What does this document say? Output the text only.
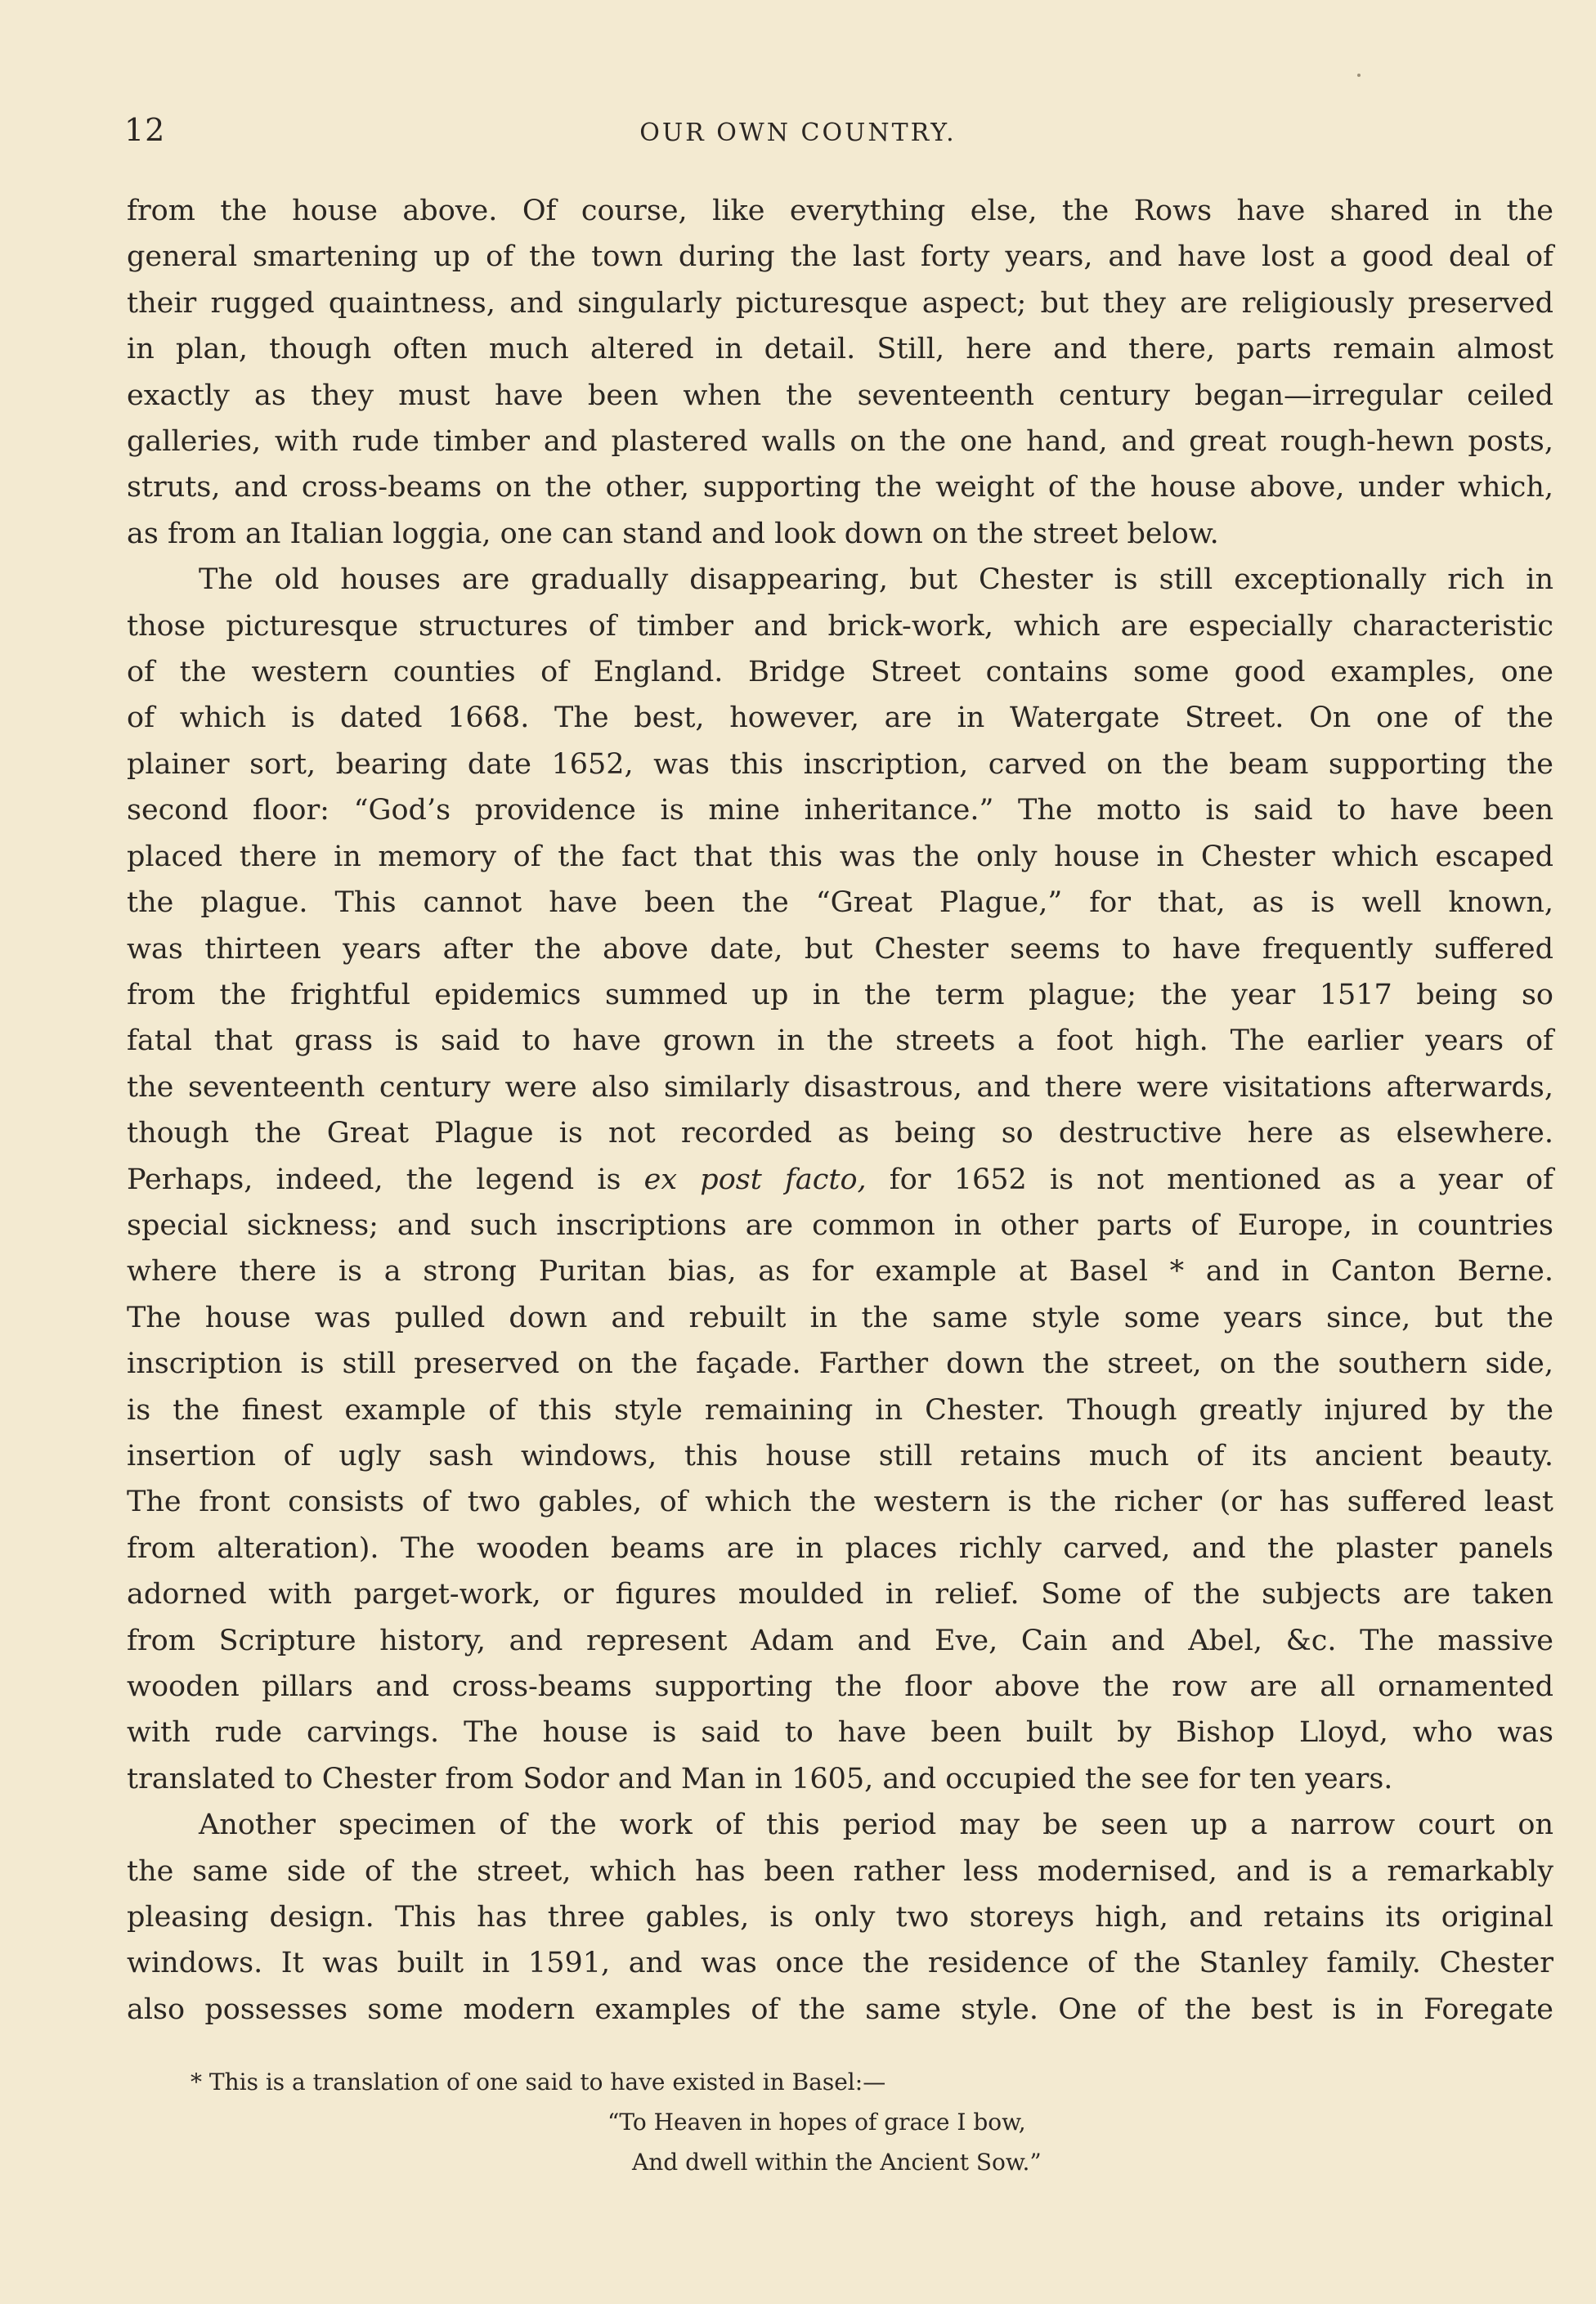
12	OUR OWN COUNTRY.
from the house above. Of course, like everything else, the Rows have shared in the
general smartening up of the town during the last forty years, and have lost a good deal of
their rugged quaintness, and singularly picturesque aspect; but they are religiously preserved
in plan, though often much altered in detail. Still, here and there, parts remain almost
exactly as they must have been when the seventeenth century began—irregular ceiled
galleries, with rude timber and plastered walls on the one hand, and great rough-hewn posts,
struts, and cross-beams on the other, supporting the weight of the house above, under which,
as from an Italian loggia, one can stand and look down on the street below.
The old houses are gradually disappearing, but Chester is still exceptionally rich in
those picturesque structures of timber and brick-work, which are especially characteristic
of the western counties of England. Bridge Street contains some good examples, one
of which is dated 1668. The best, however, are in Watergate Street. On one of the
plainer sort, bearing date 1652, was this inscription, carved on the beam supporting the
second floor: “God’s providence is mine inheritance.” The motto is said to have been
placed there in memory of the fact that this was the only house in Chester which escaped
the plague. This cannot have been the “Great Plague,” for that, as is well known,
was thirteen years after the above date, but Chester seems to have frequently suffered
from the frightful epidemics summed up in the term plague; the year 1517 being so
fatal that grass is said to have grown in the streets a foot high. The earlier years of
the seventeenth century were also similarly disastrous, and there were visitations afterwards,
though the Great Plague is not recorded as being so destructive here as elsewhere.
Perhaps, indeed, the legend is ex post facto, for 1652 is not mentioned as a year of
special sickness; and such inscriptions are common in other parts of Europe, in countries
where there is a strong Puritan bias, as for example at Basel * and in Canton Berne.
The house was pulled down and rebuilt in the same style some years since, but the
inscription is still preserved on the façade. Farther down the street, on the southern side,
is the finest example of this style remaining in Chester. Though greatly injured by the
insertion of ugly sash windows, this house still retains much of its ancient beauty.
The front consists of two gables, of which the western is the richer (or has suffered least
from alteration). The wooden beams are in places richly carved, and the plaster panels
adorned with parget-work, or figures moulded in relief. Some of the subjects are taken
from Scripture history, and represent Adam and Eve, Cain and Abel, &c. The massive
wooden pillars and cross-beams supporting the floor above the row are all ornamented
with rude carvings. The house is said to have been built by Bishop Lloyd, who was
translated to Chester from Sodor and Man in 1605, and occupied the see for ten years.
Another specimen of the work of this period may be seen up a narrow court on
the same side of the street, which has been rather less modernised, and is a remarkably
pleasing design. This has three gables, is only two storeys high, and retains its original
windows. It was built in 1591, and was once the residence of the Stanley family. Chester
also possesses some modern examples of the same style. One of the best is in Foregate
* This is a translation of one said to have existed in Basel:—
“To Heaven in hopes of grace I bow,
And dwell within the Ancient Sow.”
